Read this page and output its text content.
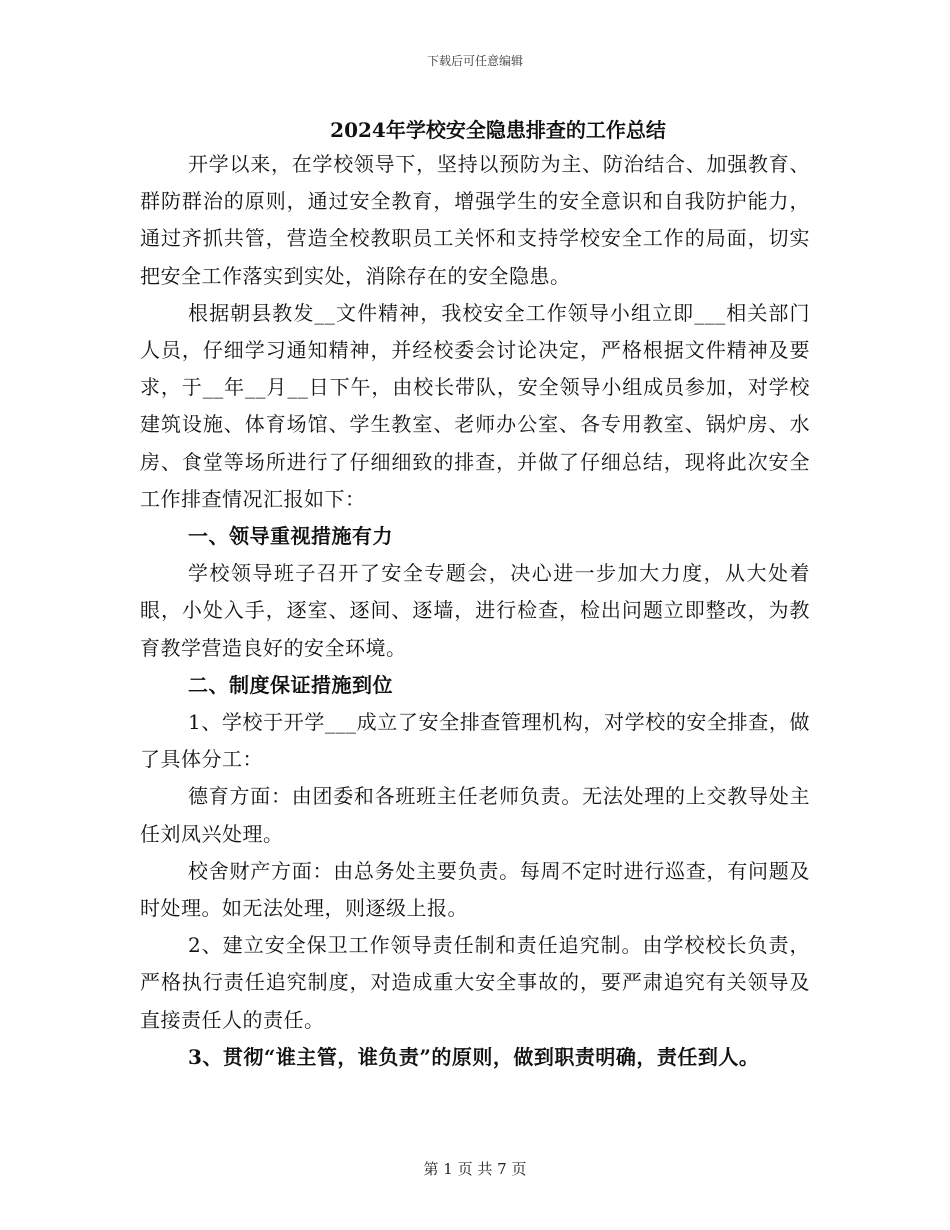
下载后可任意编辑
2024年学校安全隐患排查的工作总结

开学以来，在学校领导下，坚持以预防为主、防治结合、加强教育、群防群治的原则，通过安全教育，增强学生的安全意识和自我防护能力，通过齐抓共管，营造全校教职员工关怀和支持学校安全工作的局面，切实把安全工作落实到实处，消除存在的安全隐患。

根据朝县教发__文件精神，我校安全工作领导小组立即___相关部门人员，仔细学习通知精神，并经校委会讨论决定，严格根据文件精神及要求，于__年__月__日下午，由校长带队，安全领导小组成员参加，对学校建筑设施、体育场馆、学生教室、老师办公室、各专用教室、锅炉房、水房、食堂等场所进行了仔细细致的排查，并做了仔细总结，现将此次安全工作排查情况汇报如下：

一、领导重视措施有力

学校领导班子召开了安全专题会，决心进一步加大力度，从大处着眼，小处入手，逐室、逐间、逐墙，进行检查，检出问题立即整改，为教育教学营造良好的安全环境。

二、制度保证措施到位

1、学校于开学___成立了安全排查管理机构，对学校的安全排查，做了具体分工：

德育方面：由团委和各班班主任老师负责。无法处理的上交教导处主任刘凤兴处理。

校舍财产方面：由总务处主要负责。每周不定时进行巡查，有问题及时处理。如无法处理，则逐级上报。

2、建立安全保卫工作领导责任制和责任追究制。由学校校长负责，严格执行责任追究制度，对造成重大安全事故的，要严肃追究有关领导及直接责任人的责任。

3、贯彻“谁主管，谁负责”的原则，做到职责明确，责任到人。

第 1 页 共 7 页
